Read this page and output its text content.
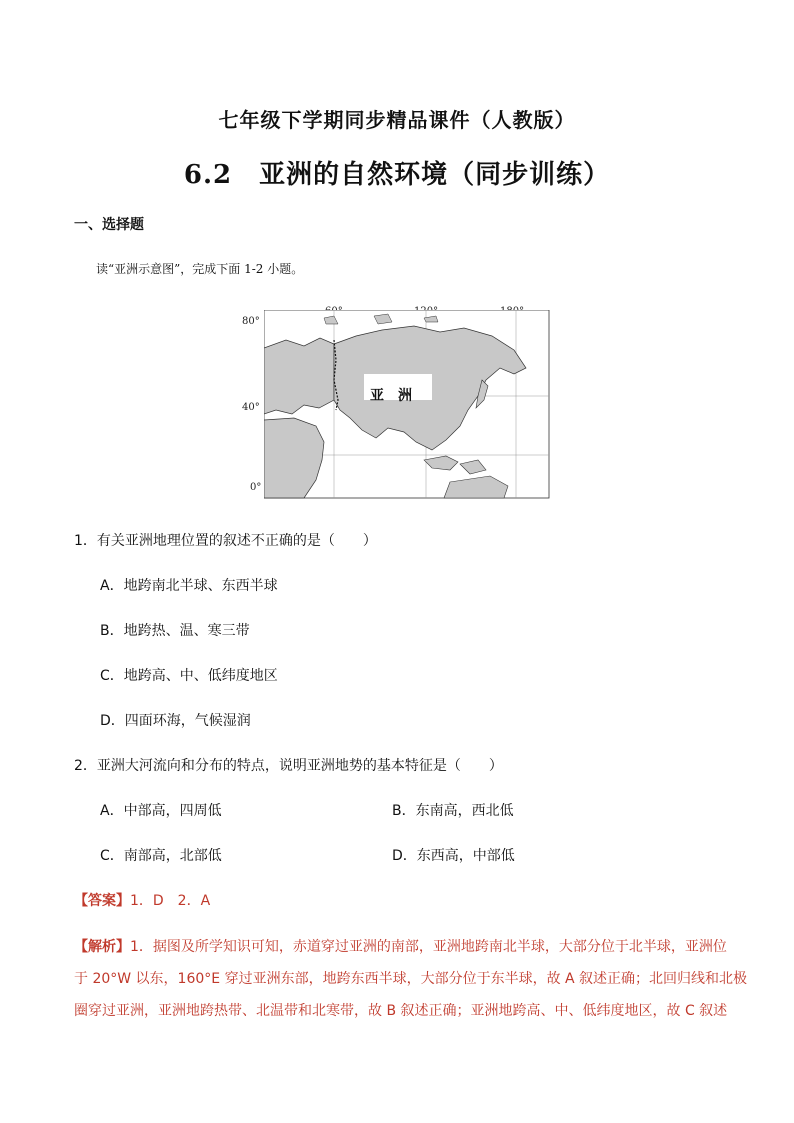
七年级下学期同步精品课件（人教版）
6.2　亚洲的自然环境（同步训练）
一、选择题
读“亚洲示意图”，完成下面 1-2 小题。
80°
40°
0°
亚　洲
1．有关亚洲地理位置的叙述不正确的是（　　）
A．地跨南北半球、东西半球
B．地跨热、温、寒三带
C．地跨高、中、低纬度地区
D．四面环海，气候湿润
2．亚洲大河流向和分布的特点，说明亚洲地势的基本特征是（　　）
A．中部高，四周低	B．东南高，西北低
C．南部高，北部低	D．东西高，中部低
【答案】1．D　2．A
【解析】1．据图及所学知识可知，赤道穿过亚洲的南部，亚洲地跨南北半球，大部分位于北半球，亚洲位
于 20°W 以东，160°E 穿过亚洲东部，地跨东西半球，大部分位于东半球，故 A 叙述正确；北回归线和北极
圈穿过亚洲，亚洲地跨热带、北温带和北寒带，故 B 叙述正确；亚洲地跨高、中、低纬度地区，故 C 叙述
